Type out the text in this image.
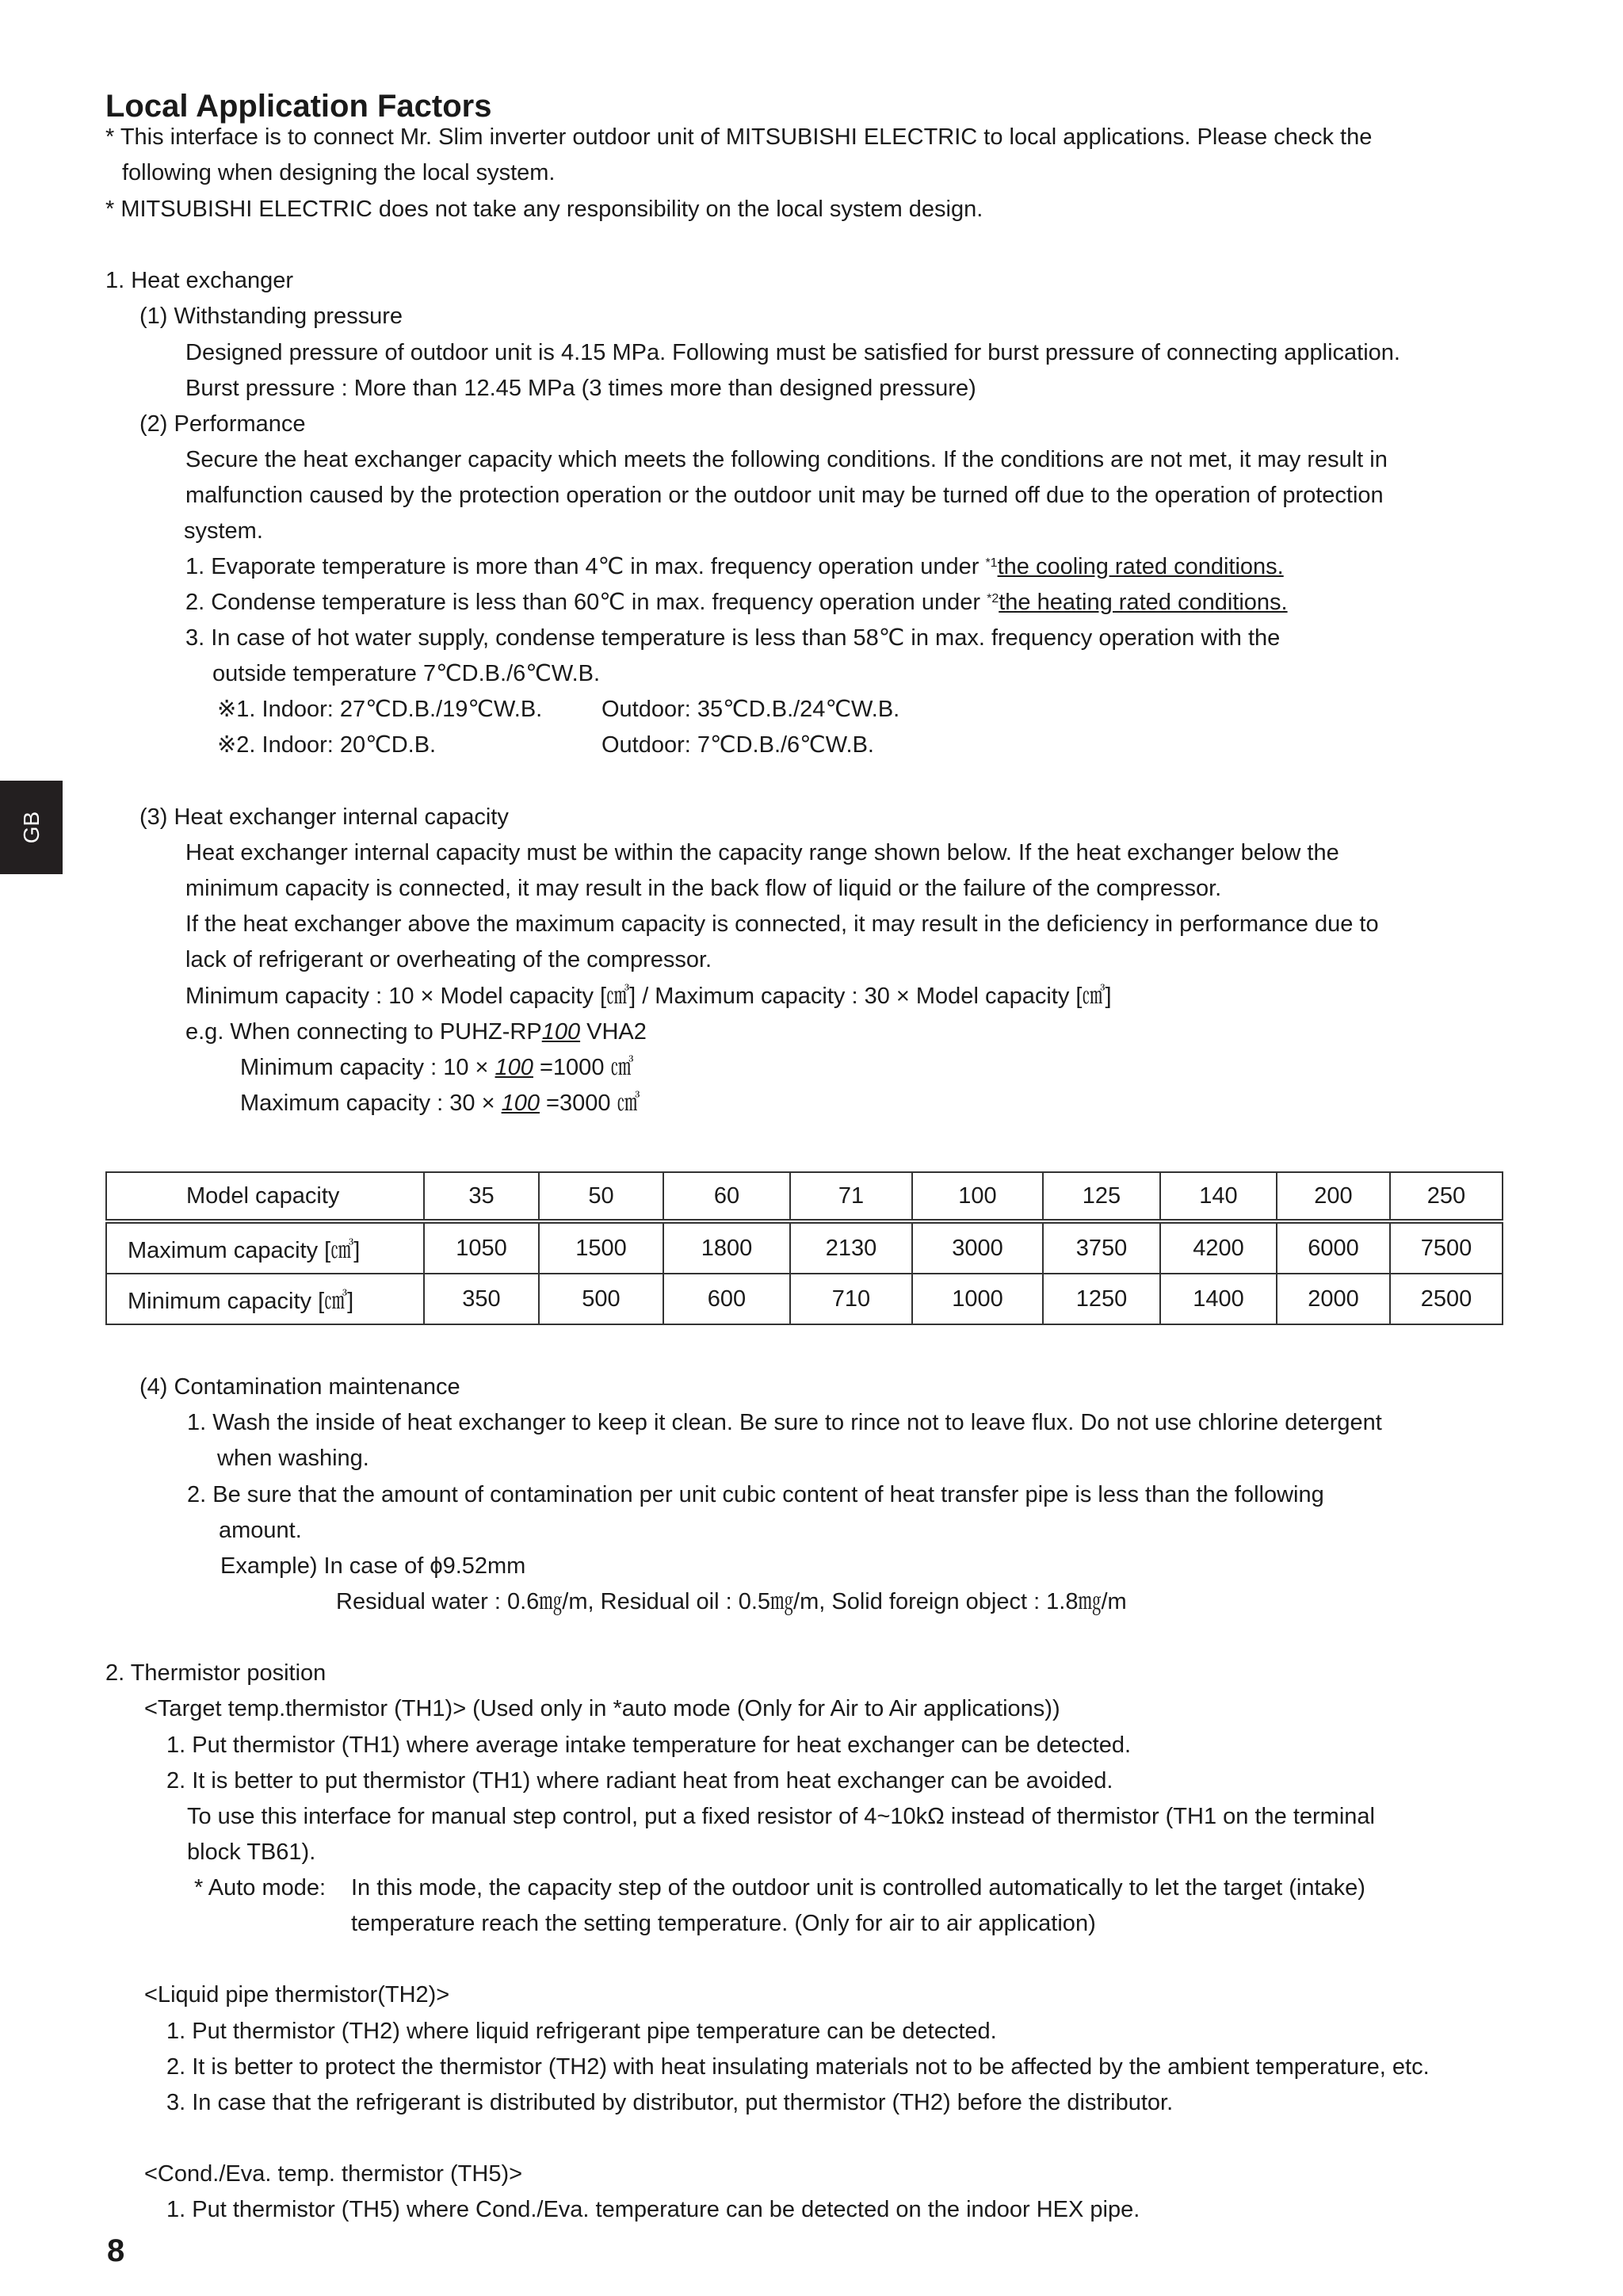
Local Application Factors
* This interface is to connect Mr. Slim inverter outdoor unit of MITSUBISHI ELECTRIC to local applications. Please check the
following when designing the local system.
* MITSUBISHI ELECTRIC does not take any responsibility on the local system design.
1. Heat exchanger
(1) Withstanding pressure
Designed pressure of outdoor unit is 4.15 MPa. Following must be satisfied for burst pressure of connecting application.
Burst pressure : More than 12.45 MPa (3 times more than designed pressure)
(2) Performance
Secure the heat exchanger capacity which meets the following conditions. If the conditions are not met, it may result in
malfunction caused by the protection operation or the outdoor unit may be turned off due to the operation of protection
system.
1. Evaporate temperature is more than 4℃ in max. frequency operation under $^{*1}$the cooling rated conditions.
2. Condense temperature is less than 60℃ in max. frequency operation under $^{*2}$the heating rated conditions.
3. In case of hot water supply, condense temperature is less than 58℃ in max. frequency operation with the
outside temperature 7℃D.B./6℃W.B.
※1. Indoor: 27℃D.B./19℃W.B.	Outdoor: 35℃D.B./24℃W.B.
※2. Indoor: 20℃D.B.	Outdoor: 7℃D.B./6℃W.B.
GB	(3) Heat exchanger internal capacity
Heat exchanger internal capacity must be within the capacity range shown below. If the heat exchanger below the
minimum capacity is connected, it may result in the back flow of liquid or the failure of the compressor.
If the heat exchanger above the maximum capacity is connected, it may result in the deficiency in performance due to
lack of refrigerant or overheating of the compressor.
Minimum capacity : 10 × Model capacity [㎤] / Maximum capacity : 30 × Model capacity [㎤]
e.g. When connecting to PUHZ-RP100 VHA2
Minimum capacity : 10 × 100 =1000 ㎤
Maximum capacity : 30 × 100 =3000 ㎤
Model capacity	35	50	60	71	100	125	140	200	250
Maximum capacity [㎤]	1050	1500	1800	2130	3000	3750	4200	6000	7500
Minimum capacity [㎤]	350	500	600	710	1000	1250	1400	2000	2500
(4) Contamination maintenance
1. Wash the inside of heat exchanger to keep it clean. Be sure to rince not to leave flux. Do not use chlorine detergent
when washing.
2. Be sure that the amount of contamination per unit cubic content of heat transfer pipe is less than the following
amount.
Example) In case of ϕ9.52mm
Residual water : 0.6㎎/m, Residual oil : 0.5㎎/m, Solid foreign object : 1.8㎎/m
2. Thermistor position
<Target temp.thermistor (TH1)> (Used only in *auto mode (Only for Air to Air applications))
1. Put thermistor (TH1) where average intake temperature for heat exchanger can be detected.
2. It is better to put thermistor (TH1) where radiant heat from heat exchanger can be avoided.
To use this interface for manual step control, put a fixed resistor of 4~10kΩ instead of thermistor (TH1 on the terminal
block TB61).
* Auto mode: In this mode, the capacity step of the outdoor unit is controlled automatically to let the target (intake)
temperature reach the setting temperature. (Only for air to air application)
<Liquid pipe thermistor(TH2)>
1. Put thermistor (TH2) where liquid refrigerant pipe temperature can be detected.
2. It is better to protect the thermistor (TH2) with heat insulating materials not to be affected by the ambient temperature, etc.
3. In case that the refrigerant is distributed by distributor, put thermistor (TH2) before the distributor.
<Cond./Eva. temp. thermistor (TH5)>
1. Put thermistor (TH5) where Cond./Eva. temperature can be detected on the indoor HEX pipe.
8
